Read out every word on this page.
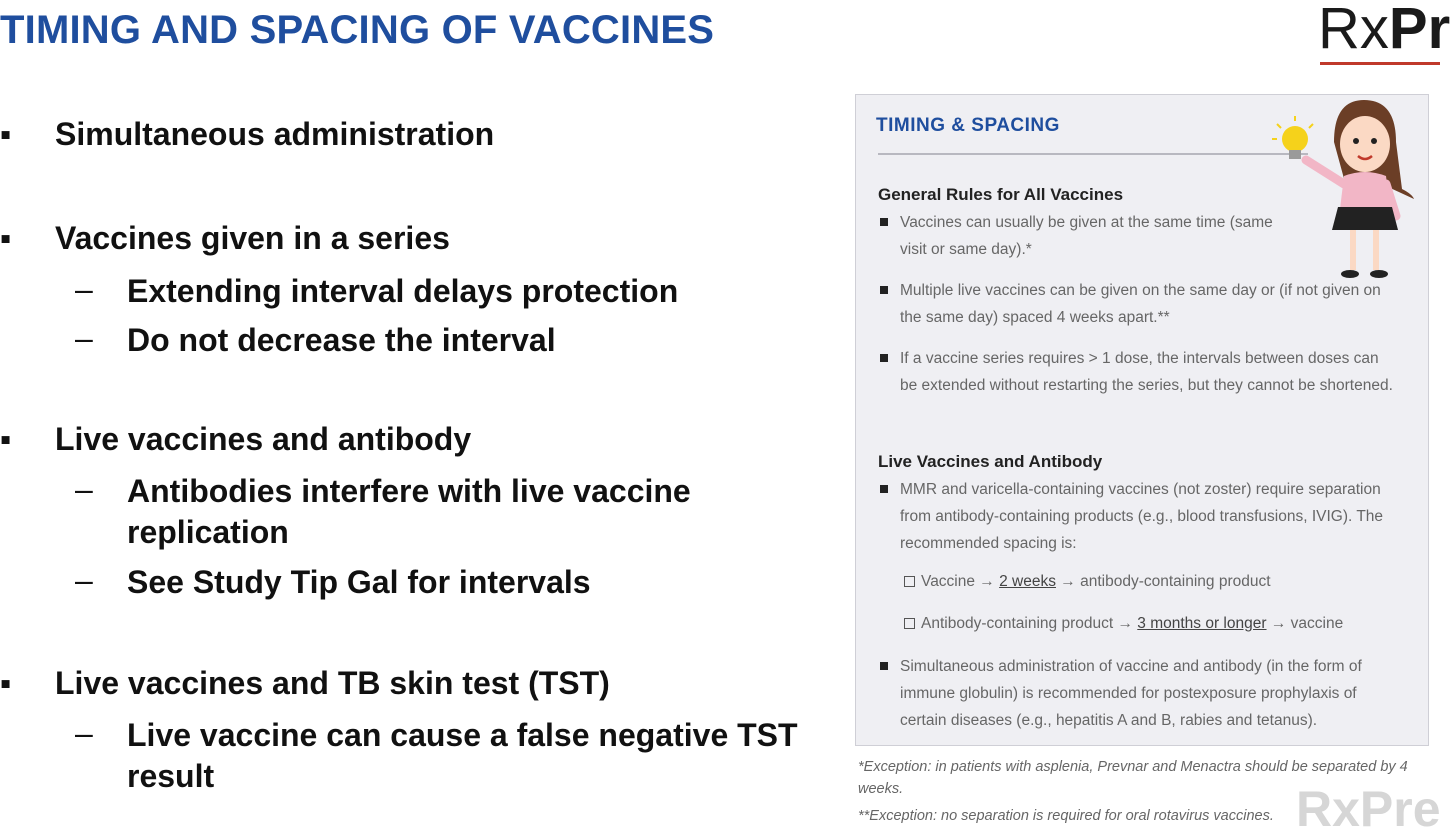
TIMING AND SPACING OF VACCINES	RxPr
▪ Simultaneous administration
▪ Vaccines given in a series
– Extending interval delays protection
– Do not decrease the interval
▪ Live vaccines and antibody
– Antibodies interfere with live vaccine replication
– See Study Tip Gal for intervals
▪ Live vaccines and TB skin test (TST)
– Live vaccine can cause a false negative TST result
TIMING & SPACING
General Rules for All Vaccines
Vaccines can usually be given at the same time (same visit or same day).*
Multiple live vaccines can be given on the same day or (if not given on the same day) spaced 4 weeks apart.**
If a vaccine series requires > 1 dose, the intervals between doses can be extended without restarting the series, but they cannot be shortened.
Live Vaccines and Antibody
MMR and varicella-containing vaccines (not zoster) require separation from antibody-containing products (e.g., blood transfusions, IVIG). The recommended spacing is:
Vaccine → 2 weeks → antibody-containing product
Antibody-containing product → 3 months or longer → vaccine
Simultaneous administration of vaccine and antibody (in the form of immune globulin) is recommended for postexposure prophylaxis of certain diseases (e.g., hepatitis A and B, rabies and tetanus).
*Exception: in patients with asplenia, Prevnar and Menactra should be separated by 4 weeks.
**Exception: no separation is required for oral rotavirus vaccines. RxPre
